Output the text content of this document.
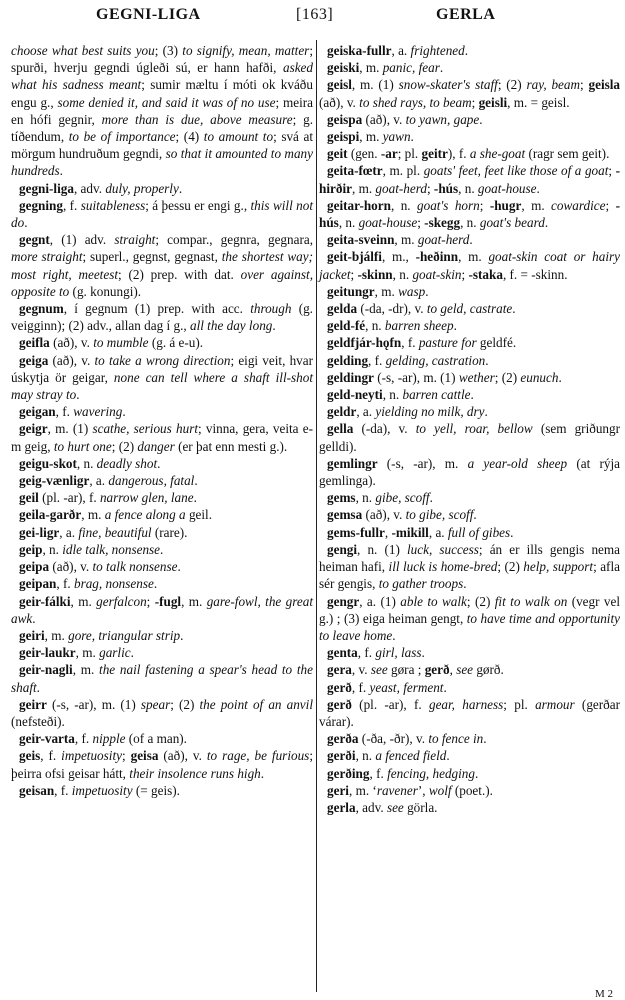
GEGNI-LIGA	[163]	GERLA

choose what best suits you; (3) to signify, mean, matter; spurði, hverju gegndi úgleði sú, er hann hafði, asked what his sadness meant; sumir mæltu í móti ok kváðu engu g., some denied it, and said it was of no use; meira en hófi gegnir, more than is due, above measure; g. tíðendum, to be of importance; (4) to amount to; svá at mörgum hundruðum gegndi, so that it amounted to many hundreds.

gegni-liga, adv. duly, properly.

gegning, f. suitableness; á þessu er engi g., this will not do.

gegnt, (1) adv. straight; compar., gegnra, gegnara, more straight; superl., gegnst, gegnast, the shortest way; most right, meetest; (2) prep. with dat. over against, opposite to (g. konungi).

gegnum, í gegnum (1) prep. with acc. through (g. veigginn); (2) adv., allan dag í g., all the day long.

geifla (að), v. to mumble (g. á e-u).

geiga (að), v. to take a wrong direction; eigi veit, hvar úskytja ör geigar, none can tell where a shaft ill-shot may stray to.

geigan, f. wavering.

geigr, m. (1) scathe, serious hurt; vinna, gera, veita e-m geig, to hurt one; (2) danger (er þat enn mesti g.).

geigu-skot, n. deadly shot.

geig-vænligr, a. dangerous, fatal.

geil (pl. -ar), f. narrow glen, lane.

geila-garðr, m. a fence along a geil.

gei-ligr, a. fine, beautiful (rare).

geip, n. idle talk, nonsense.

geipa (að), v. to talk nonsense.

geipan, f. brag, nonsense.

geir-fálki, m. gerfalcon; -fugl, m. gare-fowl, the great awk.

geiri, m. gore, triangular strip.

geir-laukr, m. garlic.

geir-nagli, m. the nail fastening a spear's head to the shaft.

geirr (-s, -ar), m. (1) spear; (2) the point of an anvil (nefsteði).

geir-varta, f. nipple (of a man).

geis, f. impetuosity; geisa (að), v. to rage, be furious; þeirra ofsi geisar hátt, their insolence runs high.

geisan, f. impetuosity (= geis).

geiska-fullr, a. frightened.

geiski, m. panic, fear.

geisl, m. (1) snow-skater's staff; (2) ray, beam; geisla (að), v. to shed rays, to beam; geisli, m. = geisl.

geispa (að), v. to yawn, gape.

geispi, m. yawn.

geit (gen. -ar; pl. geitr), f. a she-goat (ragr sem geit).

geita-fœtr, m. pl. goats' feet, feet like those of a goat; -hirðir, m. goat-herd; -hús, n. goat-house.

geitar-horn, n. goat's horn; -hugr, m. cowardice; -hús, n. goat-house; -skegg, n. goat's beard.

geita-sveinn, m. goat-herd.

geit-bjálfi, m., -heðinn, m. goat-skin coat or hairy jacket; -skinn, n. goat-skin; -staka, f. = -skinn.

geitungr, m. wasp.

gelda (-da, -dr), v. to geld, castrate.

geld-fé, n. barren sheep.

geldfjár-hǫfn, f. pasture for geldfé.

gelding, f. gelding, castration.

geldingr (-s, -ar), m. (1) wether; (2) eunuch.

geld-neyti, n. barren cattle.

geldr, a. yielding no milk, dry.

gella (-da), v. to yell, roar, bellow (sem griðungr gelldi).

gemlingr (-s, -ar), m. a year-old sheep (at rýja gemlinga).

gems, n. gibe, scoff.

gemsa (að), v. to gibe, scoff.

gems-fullr, -mikill, a. full of gibes.

gengi, n. (1) luck, success; án er ills gengis nema heiman hafi, ill luck is home-bred; (2) help, support; afla sér gengis, to gather troops.

gengr, a. (1) able to walk; (2) fit to walk on (vegr vel g.) ; (3) eiga heiman gengt, to have time and opportunity to leave home.

genta, f. girl, lass.

gera, v. see gøra ; gerð, see gørð.

gerð, f. yeast, ferment.

gerð (pl. -ar), f. gear, harness; pl. armour (gerðar várar).

gerða (-ða, -ðr), v. to fence in.

gerði, n. a fenced field.

gerðing, f. fencing, hedging.

geri, m. ‘ravener’, wolf (poet.).

gerla, adv. see görla.

M 2
